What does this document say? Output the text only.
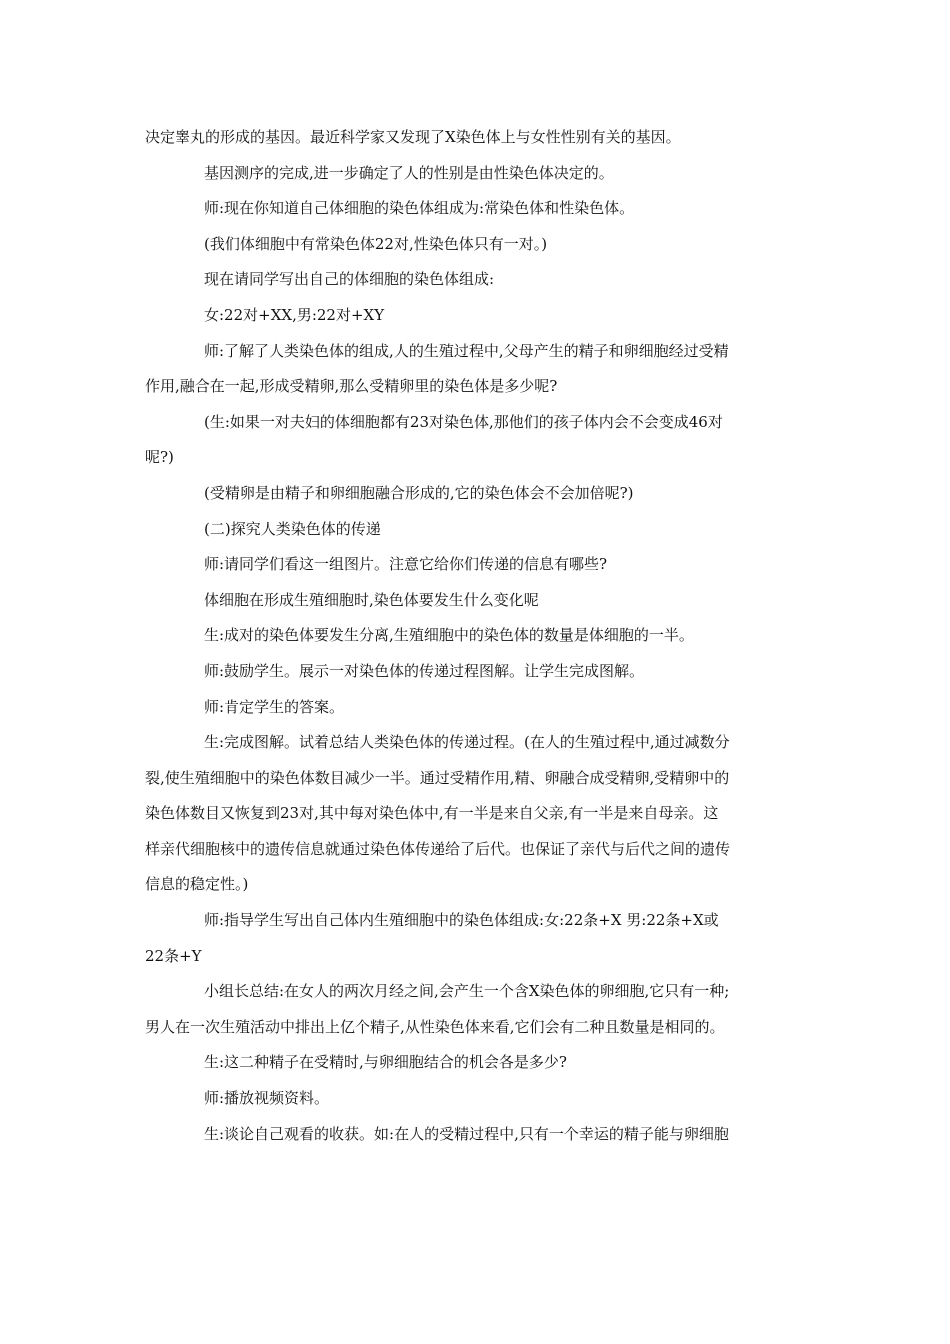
决定睾丸的形成的基因。最近科学家又发现了X染色体上与女性性别有关的基因。
基因测序的完成,进一步确定了人的性别是由性染色体决定的。
师:现在你知道自己体细胞的染色体组成为:常染色体和性染色体。
(我们体细胞中有常染色体22对,性染色体只有一对。)
现在请同学写出自己的体细胞的染色体组成:
女:22对+XX,男:22对+XY
师:了解了人类染色体的组成,人的生殖过程中,父母产生的精子和卵细胞经过受精
作用,融合在一起,形成受精卵,那么受精卵里的染色体是多少呢?
(生:如果一对夫妇的体细胞都有23对染色体,那他们的孩子体内会不会变成46对
呢?)
(受精卵是由精子和卵细胞融合形成的,它的染色体会不会加倍呢?)
(二)探究人类染色体的传递
师:请同学们看这一组图片。注意它给你们传递的信息有哪些?
体细胞在形成生殖细胞时,染色体要发生什么变化呢
生:成对的染色体要发生分离,生殖细胞中的染色体的数量是体细胞的一半。
师:鼓励学生。展示一对染色体的传递过程图解。让学生完成图解。
师:肯定学生的答案。
生:完成图解。试着总结人类染色体的传递过程。(在人的生殖过程中,通过减数分
裂,使生殖细胞中的染色体数目减少一半。通过受精作用,精、卵融合成受精卵,受精卵中的
染色体数目又恢复到23对,其中每对染色体中,有一半是来自父亲,有一半是来自母亲。这
样亲代细胞核中的遗传信息就通过染色体传递给了后代。也保证了亲代与后代之间的遗传
信息的稳定性。)
师:指导学生写出自己体内生殖细胞中的染色体组成:女:22条+X 男:22条+X或
22条+Y
小组长总结:在女人的两次月经之间,会产生一个含X染色体的卵细胞,它只有一种;
男人在一次生殖活动中排出上亿个精子,从性染色体来看,它们会有二种且数量是相同的。
生:这二种精子在受精时,与卵细胞结合的机会各是多少?
师:播放视频资料。
生:谈论自己观看的收获。如:在人的受精过程中,只有一个幸运的精子能与卵细胞
